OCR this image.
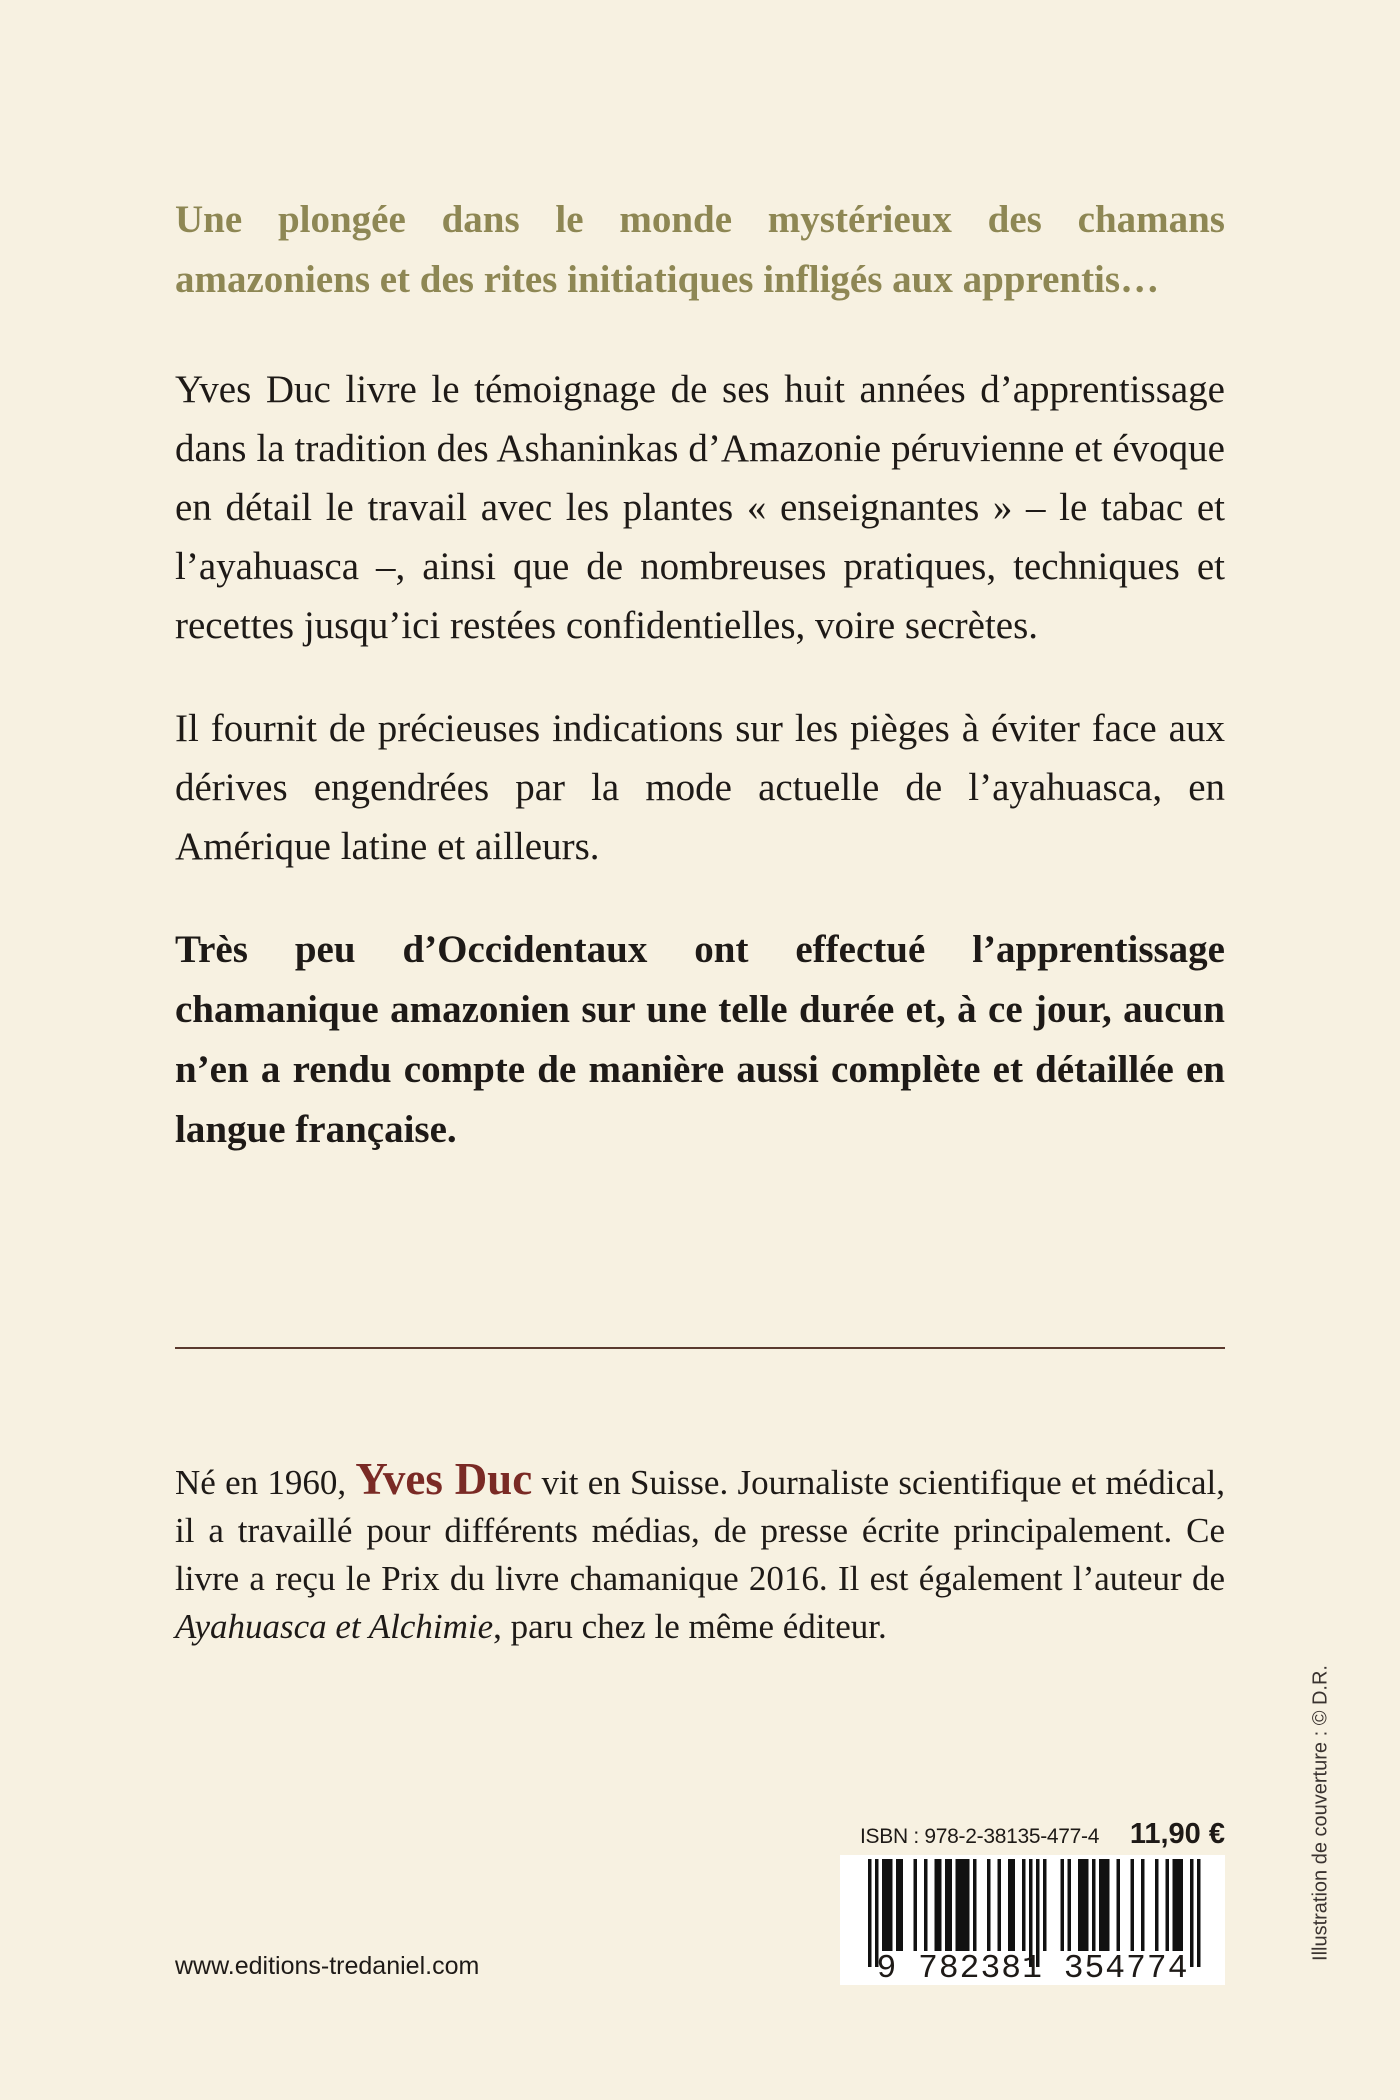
Une plongée dans le monde mystérieux des chamans amazoniens et des rites initiatiques infligés aux apprentis…

Yves Duc livre le témoignage de ses huit années d’apprentissage dans la tradition des Ashaninkas d’Amazonie péruvienne et évoque en détail le travail avec les plantes « enseignantes » – le tabac et l’ayahuasca –, ainsi que de nombreuses pratiques, techniques et recettes jusqu’ici restées confidentielles, voire secrètes.

Il fournit de précieuses indications sur les pièges à éviter face aux dérives engendrées par la mode actuelle de l’ayahuasca, en Amérique latine et ailleurs.

Très peu d’Occidentaux ont effectué l’apprentissage chamanique amazonien sur une telle durée et, à ce jour, aucun n’en a rendu compte de manière aussi complète et détaillée en langue française.

Né en 1960, Yves Duc vit en Suisse. Journaliste scientifique et médical, il a travaillé pour différents médias, de presse écrite principalement. Ce livre a reçu le Prix du livre chamanique 2016. Il est également l’auteur de Ayahuasca et Alchimie, paru chez le même éditeur.

www.editions-tredaniel.com
ISBN : 978-2-38135-477-4 11,90 €
9 782381 354774
Illustration de couverture : © D.R.
